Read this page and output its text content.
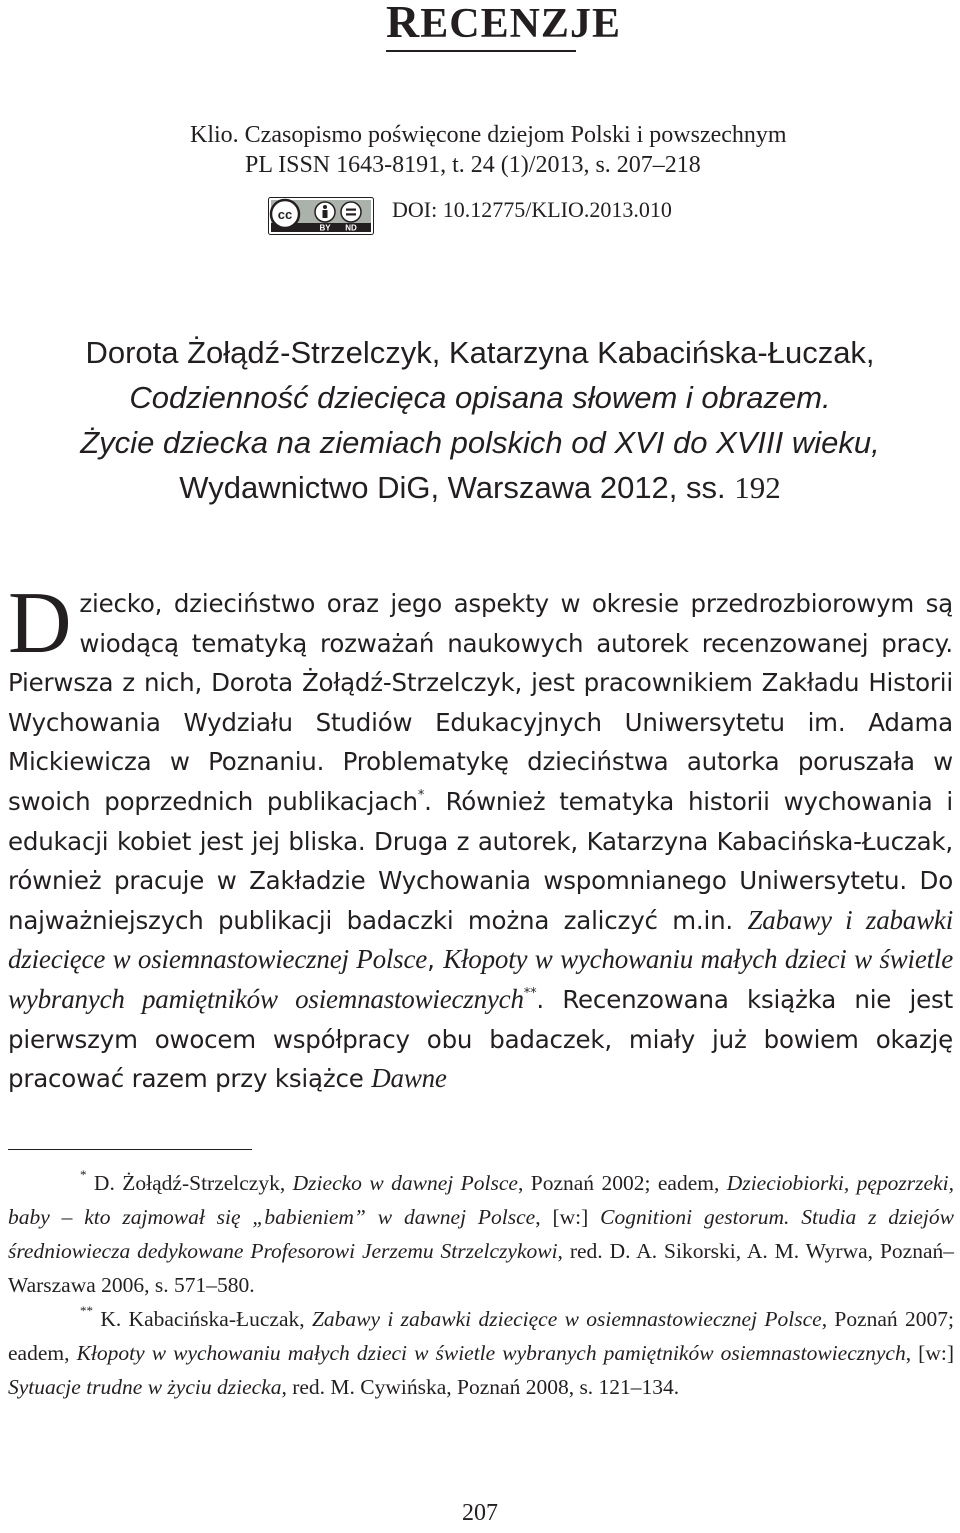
RECENZJE
Klio. Czasopismo poświęcone dziejom Polski i powszechnym
PL ISSN 1643-8191, t. 24 (1)/2013, s. 207–218
cc
BY ND
DOI: 10.12775/KLIO.2013.010
Dorota Żołądź-Strzelczyk, Katarzyna Kabacińska-Łuczak,
Codzienność dziecięca opisana słowem i obrazem.
Życie dziecka na ziemiach polskich od XVI do XVIII wieku,
Wydawnictwo DiG, Warszawa 2012, ss. 192
Dziecko, dzieciństwo oraz jego aspekty w okresie przedrozbiorowym są wiodącą tematyką rozważań naukowych autorek recenzowanej pracy. Pierwsza z nich, Dorota Żołądź-Strzelczyk, jest pracownikiem Zakładu Historii Wychowania Wydziału Studiów Edukacyjnych Uniwersytetu im. Adama Mickiewicza w Poznaniu. Problematykę dzieciństwa autorka poruszała w swoich poprzednich publikacjach*. Również tematyka historii wychowania i edukacji kobiet jest jej bliska. Druga z autorek, Katarzyna Kabacińska-Łuczak, również pracuje w Zakładzie Wychowania wspomnianego Uniwersytetu. Do najważniejszych publikacji badaczki można zaliczyć m.in. Zabawy i zabawki dziecięce w osiemnastowiecznej Polsce, Kłopoty w wychowaniu małych dzieci w świetle wybranych pamiętników osiemnastowiecznych**. Recenzowana książka nie jest pierwszym owocem współpracy obu badaczek, miały już bowiem okazję pracować razem przy książce Dawne

* D. Żołądź-Strzelczyk, Dziecko w dawnej Polsce, Poznań 2002; eadem, Dzieciobiorki, pępozrzeki, baby – kto zajmował się „babieniem” w dawnej Polsce, [w:] Cognitioni gestorum. Studia z dziejów średniowiecza dedykowane Profesorowi Jerzemu Strzelczykowi, red. D. A. Sikorski, A. M. Wyrwa, Poznań–Warszawa 2006, s. 571–580.

** K. Kabacińska-Łuczak, Zabawy i zabawki dziecięce w osiemnastowiecznej Polsce, Poznań 2007; eadem, Kłopoty w wychowaniu małych dzieci w świetle wybranych pamiętników osiemnastowiecznych, [w:] Sytuacje trudne w życiu dziecka, red. M. Cywińska, Poznań 2008, s. 121–134.

207
